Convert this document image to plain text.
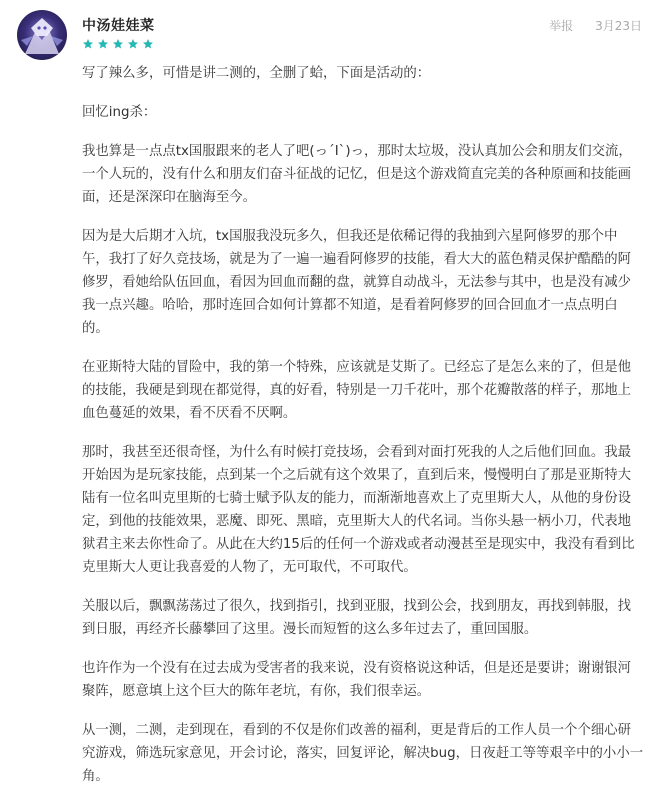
中汤娃娃菜	举报 3月23日

写了辣么多，可惜是讲二测的，全删了蛤，下面是活动的：

回忆ing杀：

我也算是一点点tx国服跟来的老人了吧(っ´Ι`)っ，那时太垃圾，没认真加公会和朋友们交流，一个人玩的，没有什么和朋友们奋斗征战的记忆，但是这个游戏简直完美的各种原画和技能画面，还是深深印在脑海至今。

因为是大后期才入坑，tx国服我没玩多久，但我还是依稀记得的我抽到六星阿修罗的那个中午，我打了好久竞技场，就是为了一遍一遍看阿修罗的技能，看大大的蓝色精灵保护酷酷的阿修罗，看她给队伍回血，看因为回血而翻的盘，就算自动战斗，无法参与其中，也是没有减少我一点兴趣。哈哈，那时连回合如何计算都不知道，是看着阿修罗的回合回血才一点点明白的。

在亚斯特大陆的冒险中，我的第一个特殊，应该就是艾斯了。已经忘了是怎么来的了，但是他的技能，我硬是到现在都觉得，真的好看，特别是一刀千花叶，那个花瓣散落的样子，那地上血色蔓延的效果，看不厌看不厌啊。

那时，我甚至还很奇怪，为什么有时候打竞技场，会看到对面打死我的人之后他们回血。我最开始因为是玩家技能，点到某一个之后就有这个效果了，直到后来，慢慢明白了那是亚斯特大陆有一位名叫克里斯的七骑士赋予队友的能力，而渐渐地喜欢上了克里斯大人，从他的身份设定，到他的技能效果，恶魔、即死、黑暗，克里斯大人的代名词。当你头悬一柄小刀，代表地狱君主来去你性命了。从此在大约15后的任何一个游戏或者动漫甚至是现实中，我没有看到比克里斯大人更让我喜爱的人物了，无可取代，不可取代。

关服以后，飘飘荡荡过了很久，找到指引，找到亚服，找到公会，找到朋友，再找到韩服，找到日服，再经齐长藤攀回了这里。漫长而短暂的这么多年过去了，重回国服。

也许作为一个没有在过去成为受害者的我来说，没有资格说这种话，但是还是要讲；谢谢银河聚阵，愿意填上这个巨大的陈年老坑，有你，我们很幸运。

从一测，二测，走到现在，看到的不仅是你们改善的福利，更是背后的工作人员一个个细心研究游戏，筛选玩家意见，开会讨论，落实，回复评论，解决bug，日夜赶工等等艰辛中的小小一角。
